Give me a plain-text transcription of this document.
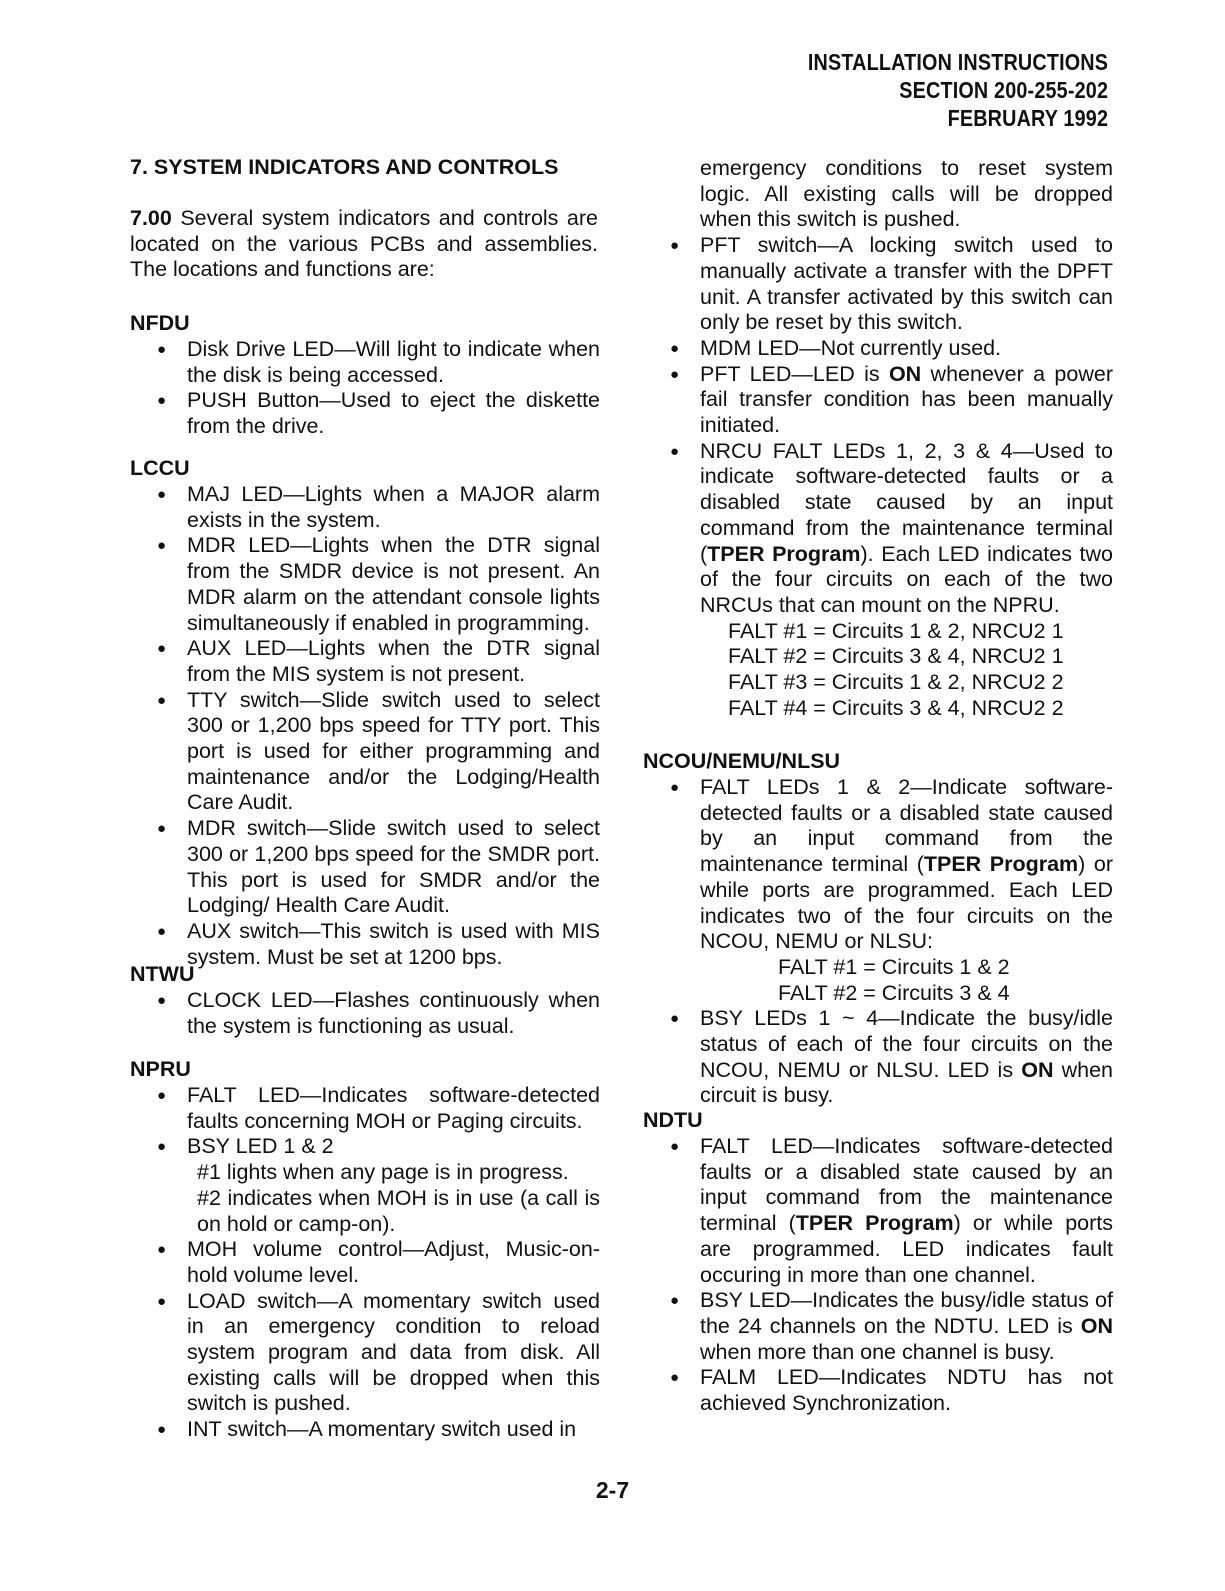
INSTALLATION INSTRUCTIONS
SECTION 200-255-202
FEBRUARY 1992
7. SYSTEM INDICATORS AND CONTROLS

7.00 Several system indicators and controls are located on the various PCBs and assemblies. The locations and functions are:

NFDU
● Disk Drive LED—Will light to indicate when the disk is being accessed.
● PUSH Button—Used to eject the diskette from the drive.
LCCU
● MAJ LED—Lights when a MAJOR alarm exists in the system.
● MDR LED—Lights when the DTR signal from the SMDR device is not present. An MDR alarm on the attendant console lights simultaneously if enabled in programming.
● AUX LED—Lights when the DTR signal from the MIS system is not present.
● TTY switch—Slide switch used to select 300 or 1,200 bps speed for TTY port. This port is used for either programming and maintenance and/or the Lodging/Health Care Audit.
● MDR switch—Slide switch used to select 300 or 1,200 bps speed for the SMDR port. This port is used for SMDR and/or the Lodging/ Health Care Audit.
● AUX switch—This switch is used with MIS system. Must be set at 1200 bps.
NTWU
● CLOCK LED—Flashes continuously when the system is functioning as usual.
NPRU
● FALT LED—Indicates software-detected faults concerning MOH or Paging circuits.
● BSY LED 1 & 2
#1 lights when any page is in progress.
#2 indicates when MOH is in use (a call is on hold or camp-on).
● MOH volume control—Adjust, Music-on-hold volume level.
● LOAD switch—A momentary switch used in an emergency condition to reload system program and data from disk. All existing calls will be dropped when this switch is pushed.
● INT switch—A momentary switch used in
emergency conditions to reset system logic. All existing calls will be dropped when this switch is pushed.
● PFT switch—A locking switch used to manually activate a transfer with the DPFT unit. A transfer activated by this switch can only be reset by this switch.
● MDM LED—Not currently used.
● PFT LED—LED is ON whenever a power fail transfer condition has been manually initiated.
● NRCU FALT LEDs 1, 2, 3 & 4—Used to indicate software-detected faults or a disabled state caused by an input command from the maintenance terminal (TPER Program). Each LED indicates two of the four circuits on each of the two NRCUs that can mount on the NPRU.
FALT #1 = Circuits 1 & 2, NRCU2 1
FALT #2 = Circuits 3 & 4, NRCU2 1
FALT #3 = Circuits 1 & 2, NRCU2 2
FALT #4 = Circuits 3 & 4, NRCU2 2
NCOU/NEMU/NLSU
● FALT LEDs 1 & 2—Indicate software-detected faults or a disabled state caused by an input command from the maintenance terminal (TPER Program) or while ports are programmed. Each LED indicates two of the four circuits on the NCOU, NEMU or NLSU:
FALT #1 = Circuits 1 & 2
FALT #2 = Circuits 3 & 4
● BSY LEDs 1 ~ 4—Indicate the busy/idle status of each of the four circuits on the NCOU, NEMU or NLSU. LED is ON when circuit is busy.
NDTU
● FALT LED—Indicates software-detected faults or a disabled state caused by an input command from the maintenance terminal (TPER Program) or while ports are programmed. LED indicates fault occuring in more than one channel.
● BSY LED—Indicates the busy/idle status of the 24 channels on the NDTU. LED is ON when more than one channel is busy.
● FALM LED—Indicates NDTU has not achieved Synchronization.
2-7
